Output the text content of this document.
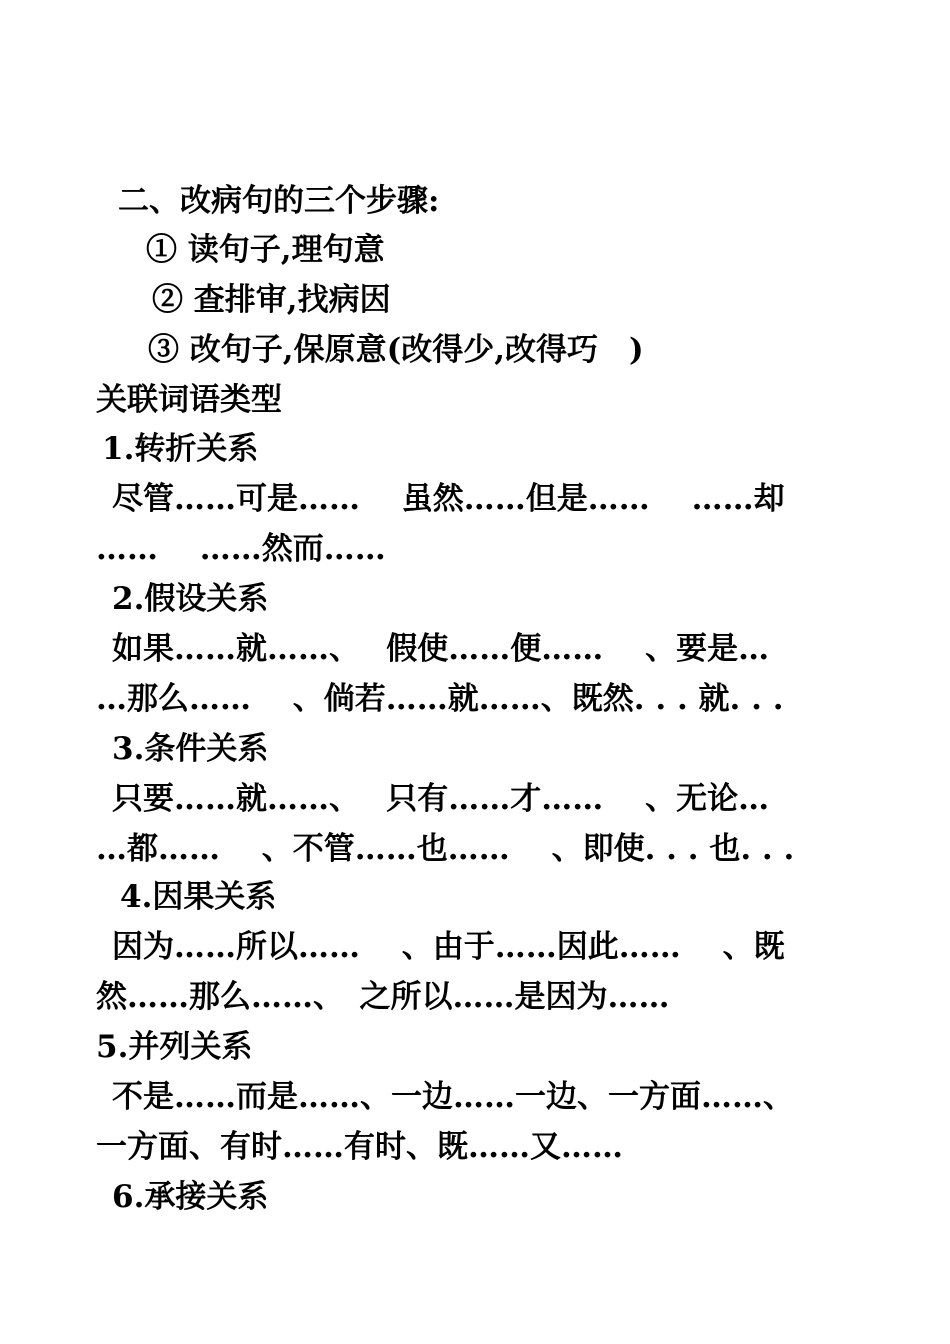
二、改病句的三个步骤:
① 读句子,理句意
② 查排审,找病因
③ 改句子,保原意(改得少,改得巧　)
关联词语类型
1.转折关系
尽管……可是……　 虽然……但是……　 ……却
……　 ……然而……
2.假设关系
如果……就……、　 假使……便……　 、要是…
…那么……　 、倘若……就……、既然. . . 就. . .
3.条件关系
只要……就……、　 只有……才……　 、无论…
…都……　 、不管……也……　 、即使. . . 也. . .
4.因果关系
因为……所以……　 、由于……因此……　 、既
然……那么……、　之所以……是因为……
5.并列关系
不是……而是……、一边……一边、一方面……、
一方面、有时……有时、既……又……
6.承接关系
